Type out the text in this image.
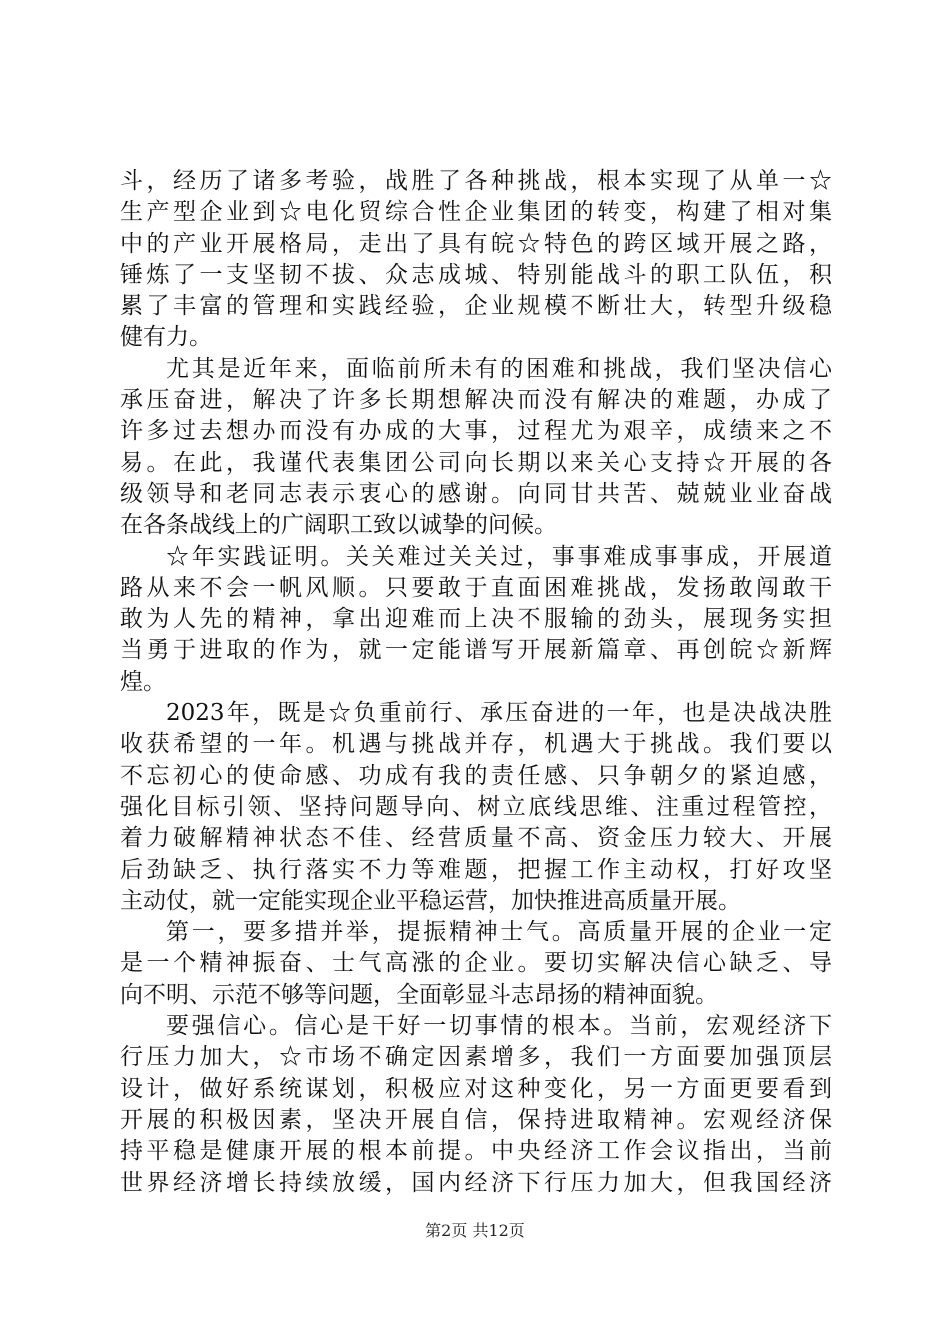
斗，经历了诸多考验，战胜了各种挑战，根本实现了从单一☆
生产型企业到☆电化贸综合性企业集团的转变，构建了相对集
中的产业开展格局，走出了具有皖☆特色的跨区域开展之路，
锤炼了一支坚韧不拔、众志成城、特别能战斗的职工队伍，积
累了丰富的管理和实践经验，企业规模不断壮大，转型升级稳
健有力。
尤其是近年来，面临前所未有的困难和挑战，我们坚决信心
承压奋进，解决了许多长期想解决而没有解决的难题，办成了
许多过去想办而没有办成的大事，过程尤为艰辛，成绩来之不
易。在此，我谨代表集团公司向长期以来关心支持☆开展的各
级领导和老同志表示衷心的感谢。向同甘共苦、兢兢业业奋战
在各条战线上的广阔职工致以诚挚的问候。
☆年实践证明。关关难过关关过，事事难成事事成，开展道
路从来不会一帆风顺。只要敢于直面困难挑战，发扬敢闯敢干
敢为人先的精神，拿出迎难而上决不服输的劲头，展现务实担
当勇于进取的作为，就一定能谱写开展新篇章、再创皖☆新辉
煌。
2023年，既是☆负重前行、承压奋进的一年，也是决战决胜
收获希望的一年。机遇与挑战并存，机遇大于挑战。我们要以
不忘初心的使命感、功成有我的责任感、只争朝夕的紧迫感，
强化目标引领、坚持问题导向、树立底线思维、注重过程管控，
着力破解精神状态不佳、经营质量不高、资金压力较大、开展
后劲缺乏、执行落实不力等难题，把握工作主动权，打好攻坚
主动仗，就一定能实现企业平稳运营，加快推进高质量开展。
第一，要多措并举，提振精神士气。高质量开展的企业一定
是一个精神振奋、士气高涨的企业。要切实解决信心缺乏、导
向不明、示范不够等问题，全面彰显斗志昂扬的精神面貌。
要强信心。信心是干好一切事情的根本。当前，宏观经济下
行压力加大，☆市场不确定因素增多，我们一方面要加强顶层
设计，做好系统谋划，积极应对这种变化，另一方面更要看到
开展的积极因素，坚决开展自信，保持进取精神。宏观经济保
持平稳是健康开展的根本前提。中央经济工作会议指出，当前
世界经济增长持续放缓，国内经济下行压力加大，但我国经济
第2页 共12页
